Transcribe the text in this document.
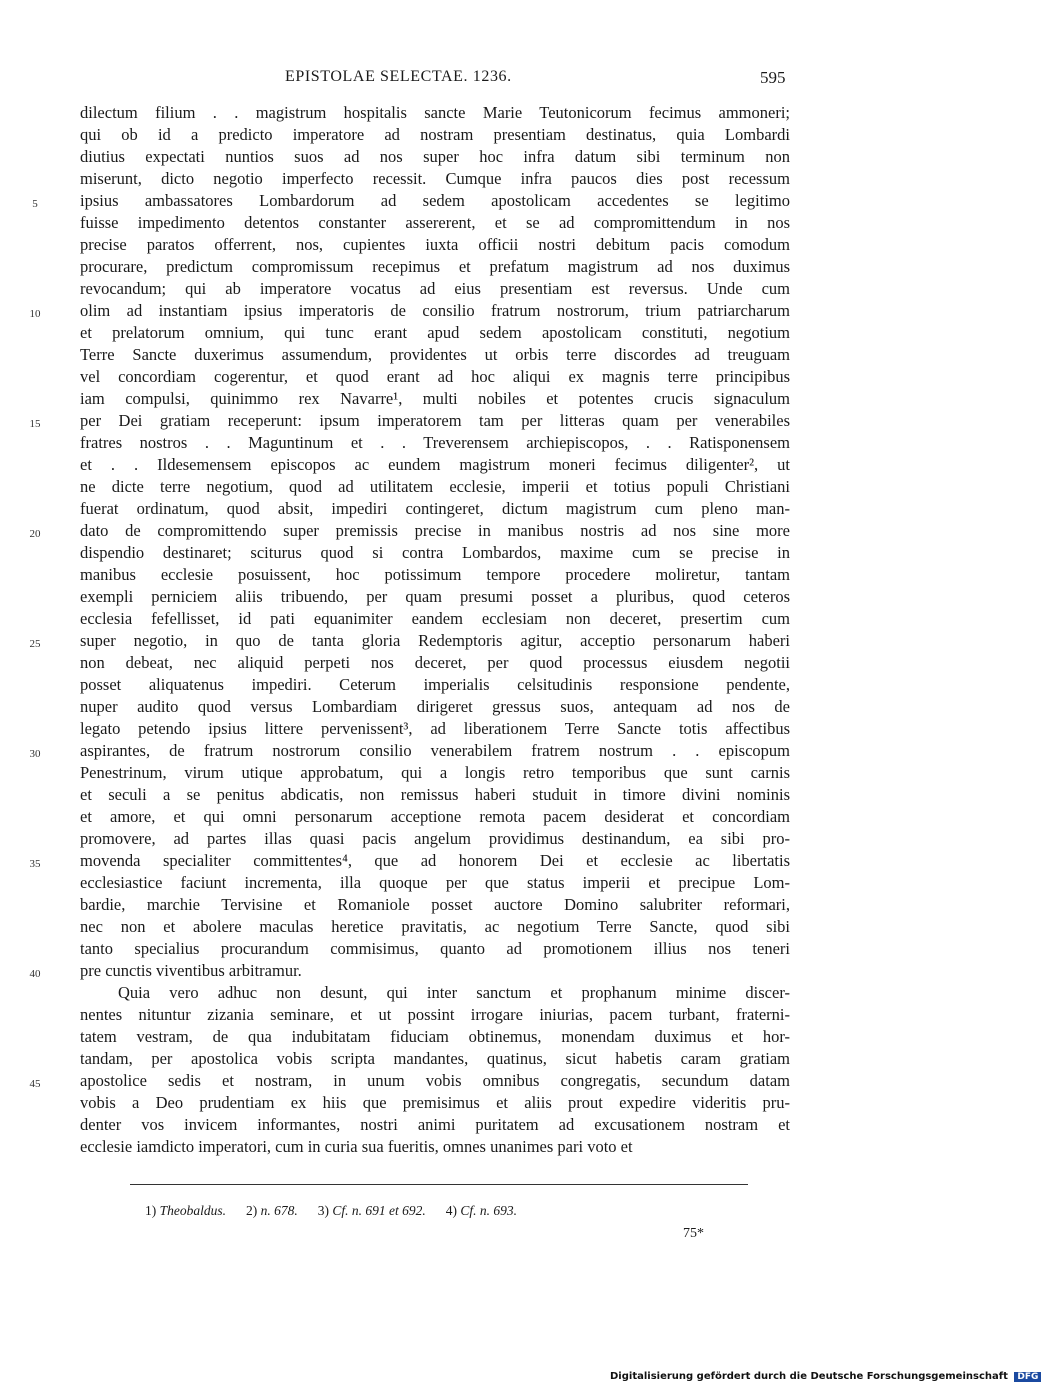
EPISTOLAE SELECTAE. 1236.	595
dilectum filium . . magistrum hospitalis sancte Marie Teutonicorum fecimus ammoneri;
qui ob id a predicto imperatore ad nostram presentiam destinatus, quia Lombardi
diutius expectati nuntios suos ad nos super hoc infra datum sibi terminum non
miserunt, dicto negotio imperfecto recessit. Cumque infra paucos dies post recessum
ipsius ambassatores Lombardorum ad sedem apostolicam accedentes se legitimo
fuisse impedimento detentos constanter assererent, et se ad compromittendum in nos
precise paratos offerrent, nos, cupientes iuxta officii nostri debitum pacis comodum
procurare, predictum compromissum recepimus et prefatum magistrum ad nos duximus
revocandum; qui ab imperatore vocatus ad eius presentiam est reversus. Unde cum
olim ad instantiam ipsius imperatoris de consilio fratrum nostrorum, trium patriarcharum
et prelatorum omnium, qui tunc erant apud sedem apostolicam constituti, negotium
Terre Sancte duxerimus assumendum, providentes ut orbis terre discordes ad treuguam
vel concordiam cogerentur, et quod erant ad hoc aliqui ex magnis terre principibus
iam compulsi, quinimmo rex Navarre¹, multi nobiles et potentes crucis signaculum
per Dei gratiam receperunt: ipsum imperatorem tam per litteras quam per venerabiles
fratres nostros . . Maguntinum et . . Treverensem archiepiscopos, . . Ratisponensem
et . . Ildesemensem episcopos ac eundem magistrum moneri fecimus diligenter², ut
ne dicte terre negotium, quod ad utilitatem ecclesie, imperii et totius populi Christiani
fuerat ordinatum, quod absit, impediri contingeret, dictum magistrum cum pleno man-
dato de compromittendo super premissis precise in manibus nostris ad nos sine more
dispendio destinaret; sciturus quod si contra Lombardos, maxime cum se precise in
manibus ecclesie posuissent, hoc potissimum tempore procedere moliretur, tantam
exempli perniciem aliis tribuendo, per quam presumi posset a pluribus, quod ceteros
ecclesia fefellisset, id pati equanimiter eandem ecclesiam non deceret, presertim cum
super negotio, in quo de tanta gloria Redemptoris agitur, acceptio personarum haberi
non debeat, nec aliquid perpeti nos deceret, per quod processus eiusdem negotii
posset aliquatenus impediri. Ceterum imperialis celsitudinis responsione pendente,
nuper audito quod versus Lombardiam dirigeret gressus suos, antequam ad nos de
legato petendo ipsius littere pervenissent³, ad liberationem Terre Sancte totis affectibus
aspirantes, de fratrum nostrorum consilio venerabilem fratrem nostrum . . episcopum
Penestrinum, virum utique approbatum, qui a longis retro temporibus que sunt carnis
et seculi a se penitus abdicatis, non remissus haberi studuit in timore divini nominis
et amore, et qui omni personarum acceptione remota pacem desiderat et concordiam
promovere, ad partes illas quasi pacis angelum providimus destinandum, ea sibi pro-
movenda specialiter committentes⁴, que ad honorem Dei et ecclesie ac libertatis
ecclesiastice faciunt incrementa, illa quoque per que status imperii et precipue Lom-
bardie, marchie Tervisine et Romaniole posset auctore Domino salubriter reformari,
nec non et abolere maculas heretice pravitatis, ac negotium Terre Sancte, quod sibi
tanto specialius procurandum commisimus, quanto ad promotionem illius nos teneri
pre cunctis viventibus arbitramur.
Quia vero adhuc non desunt, qui inter sanctum et prophanum minime discer-
nentes nituntur zizania seminare, et ut possint irrogare iniurias, pacem turbant, fraterni-
tatem vestram, de qua indubitatam fiduciam obtinemus, monendam duximus et hor-
tandam, per apostolica vobis scripta mandantes, quatinus, sicut habetis caram gratiam
apostolice sedis et nostram, in unum vobis omnibus congregatis, secundum datam
vobis a Deo prudentiam ex hiis que premisimus et aliis prout expedire videritis pru-
denter vos invicem informantes, nostri animi puritatem ad excusationem nostram et
ecclesie iamdicto imperatori, cum in curia sua fueritis, omnes unanimes pari voto et
5
10
15
20
25
30
35
40
45
1) Theobaldus. 2) n. 678. 3) Cf. n. 691 et 692. 4) Cf. n. 693.
75*
Digitalisierung gefördert durch die Deutsche Forschungsgemeinschaft DFG
